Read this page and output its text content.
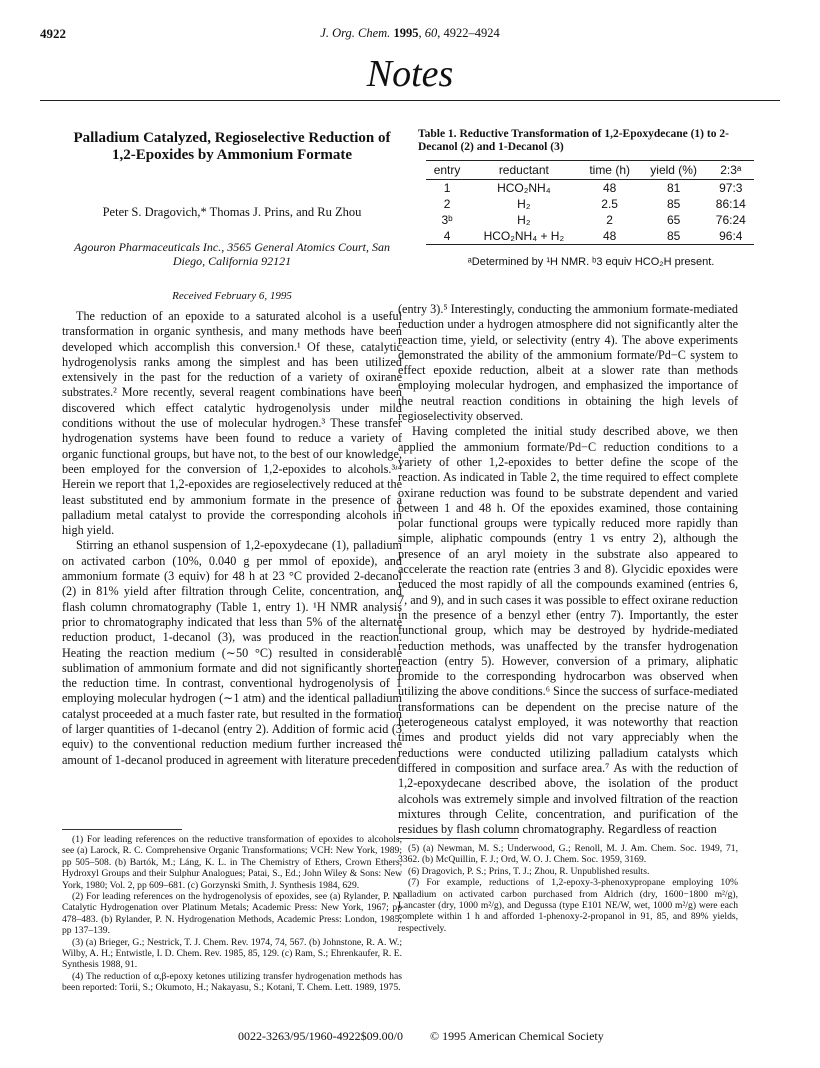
4922	J. Org. Chem. 1995, 60, 4922–4924
Notes
Palladium Catalyzed, Regioselective Reduction of 1,2-Epoxides by Ammonium Formate
Peter S. Dragovich,* Thomas J. Prins, and Ru Zhou
Agouron Pharmaceuticals Inc., 3565 General Atomics Court, San Diego, California 92121
Received February 6, 1995

The reduction of an epoxide to a saturated alcohol is a useful transformation in organic synthesis, and many methods have been developed which accomplish this conversion.¹ Of these, catalytic hydrogenolysis ranks among the simplest and has been utilized extensively in the past for the reduction of a variety of oxirane substrates.² More recently, several reagent combinations have been discovered which effect catalytic hydrogenolysis under mild conditions without the use of molecular hydrogen.³ These transfer hydrogenation systems have been found to reduce a variety of organic functional groups, but have not, to the best of our knowledge, been employed for the conversion of 1,2-epoxides to alcohols.³ʴ⁴ Herein we report that 1,2-epoxides are regioselectively reduced at the least substituted end by ammonium formate in the presence of a palladium metal catalyst to provide the corresponding alcohols in high yield.

Stirring an ethanol suspension of 1,2-epoxydecane (1), palladium on activated carbon (10%, 0.040 g per mmol of epoxide), and ammonium formate (3 equiv) for 48 h at 23 °C provided 2-decanol (2) in 81% yield after filtration through Celite, concentration, and flash column chromatography (Table 1, entry 1). ¹H NMR analysis prior to chromatography indicated that less than 5% of the alternate reduction product, 1-decanol (3), was produced in the reaction. Heating the reaction medium (∼50 °C) resulted in considerable sublimation of ammonium formate and did not significantly shorten the reduction time. In contrast, conventional hydrogenolysis of 1 employing molecular hydrogen (∼1 atm) and the identical palladium catalyst proceeded at a much faster rate, but resulted in the formation of larger quantities of 1-decanol (entry 2). Addition of formic acid (3 equiv) to the conventional reduction medium further increased the amount of 1-decanol produced in agreement with literature precedent

(1) For leading references on the reductive transformation of epoxides to alcohols, see (a) Larock, R. C. Comprehensive Organic Transformations; VCH: New York, 1989; pp 505–508. (b) Bartók, M.; Láng, K. L. in The Chemistry of Ethers, Crown Ethers, Hydroxyl Groups and their Sulphur Analogues; Patai, S., Ed.; John Wiley & Sons: New York, 1980; Vol. 2, pp 609–681. (c) Gorzynski Smith, J. Synthesis 1984, 629.

(2) For leading references on the hydrogenolysis of epoxides, see (a) Rylander, P. N. Catalytic Hydrogenation over Platinum Metals; Academic Press: New York, 1967; pp 478–483. (b) Rylander, P. N. Hydrogenation Methods, Academic Press: London, 1985; pp 137–139.

(3) (a) Brieger, G.; Nestrick, T. J. Chem. Rev. 1974, 74, 567. (b) Johnstone, R. A. W.; Wilby, A. H.; Entwistle, I. D. Chem. Rev. 1985, 85, 129. (c) Ram, S.; Ehrenkaufer, R. E. Synthesis 1988, 91.

(4) The reduction of α,β-epoxy ketones utilizing transfer hydrogenation methods has been reported: Torii, S.; Okumoto, H.; Nakayasu, S.; Kotani, T. Chem. Lett. 1989, 1975.

Table 1. Reductive Transformation of 1,2-Epoxydecane (1) to 2-Decanol (2) and 1-Decanol (3)
entry	reductant	time (h)	yield (%)	2:3ᵃ
1	HCO₂NH₄	48	81	97:3
2	H₂	2.5	85	86:14
3ᵇ	H₂	2	65	76:24
4	HCO₂NH₄ + H₂	48	85	96:4
ᵃDetermined by ¹H NMR. ᵇ3 equiv HCO₂H present.

(entry 3).⁵ Interestingly, conducting the ammonium formate-mediated reduction under a hydrogen atmosphere did not significantly alter the reaction time, yield, or selectivity (entry 4). The above experiments demonstrated the ability of the ammonium formate/Pd−C system to effect epoxide reduction, albeit at a slower rate than methods employing molecular hydrogen, and emphasized the importance of the neutral reaction conditions in obtaining the high levels of regioselectivity observed.

Having completed the initial study described above, we then applied the ammonium formate/Pd−C reduction conditions to a variety of other 1,2-epoxides to better define the scope of the reaction. As indicated in Table 2, the time required to effect complete oxirane reduction was found to be substrate dependent and varied between 1 and 48 h. Of the epoxides examined, those containing polar functional groups were typically reduced more rapidly than simple, aliphatic compounds (entry 1 vs entry 2), although the presence of an aryl moiety in the substrate also appeared to accelerate the reaction rate (entries 3 and 8). Glycidic epoxides were reduced the most rapidly of all the compounds examined (entries 6, 7, and 9), and in such cases it was possible to effect oxirane reduction in the presence of a benzyl ether (entry 7). Importantly, the ester functional group, which may be destroyed by hydride-mediated reduction methods, was unaffected by the transfer hydrogenation reaction (entry 5). However, conversion of a primary, aliphatic bromide to the corresponding hydrocarbon was observed when utilizing the above conditions.⁶ Since the success of surface-mediated transformations can be dependent on the precise nature of the heterogeneous catalyst employed, it was noteworthy that reaction times and product yields did not vary appreciably when the reductions were conducted utilizing palladium catalysts which differed in composition and surface area.⁷ As with the reduction of 1,2-epoxydecane described above, the isolation of the product alcohols was extremely simple and involved filtration of the reaction mixtures through Celite, concentration, and purification of the residues by flash column chromatography. Regardless of reaction

(5) (a) Newman, M. S.; Underwood, G.; Renoll, M. J. Am. Chem. Soc. 1949, 71, 3362. (b) McQuillin, F. J.; Ord, W. O. J. Chem. Soc. 1959, 3169.

(6) Dragovich, P. S.; Prins, T. J.; Zhou, R. Unpublished results.

(7) For example, reductions of 1,2-epoxy-3-phenoxypropane employing 10% palladium on activated carbon purchased from Aldrich (dry, 1600−1800 m²/g), Lancaster (dry, 1000 m²/g), and Degussa (type E101 NE/W, wet, 1000 m²/g) were each complete within 1 h and afforded 1-phenoxy-2-propanol in 91, 85, and 89% yields, respectively.

0022-3263/95/1960-4922$09.00/0 © 1995 American Chemical Society
